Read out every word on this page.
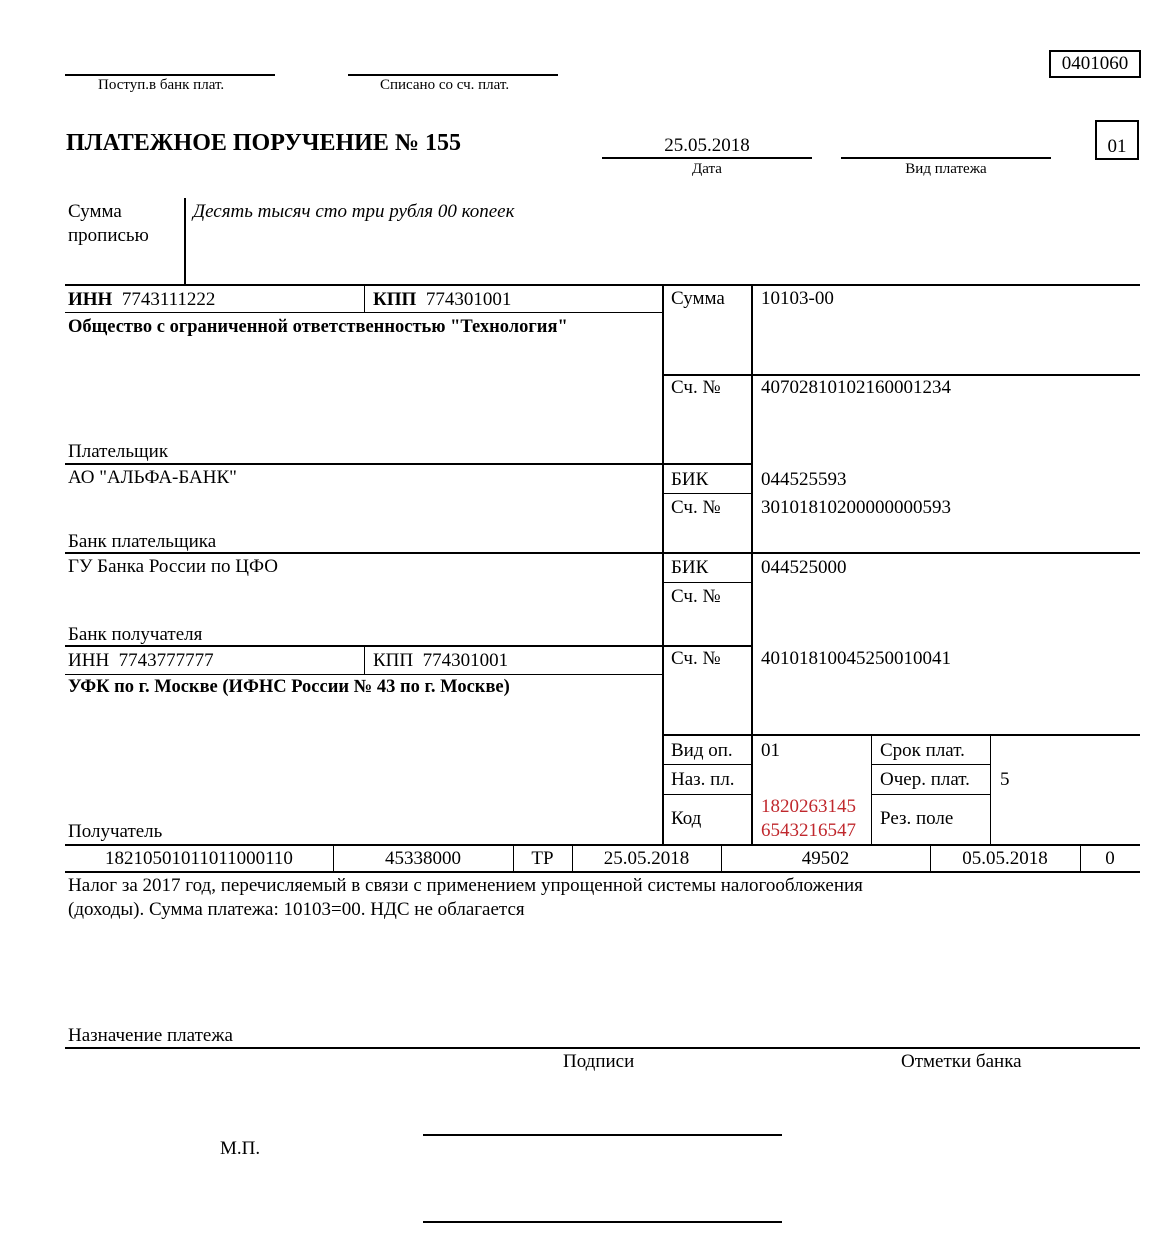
0401060
Поступ.в банк плат.	Списано со сч. плат.
ПЛАТЕЖНОЕ ПОРУЧЕНИЕ № 155	25.05.2018
Дата	Вид платежа
01
Сумма
прописью
Десять тысяч сто три рубля 00 копеек
ИНН 7743111222	КПП 774301001
Общество с ограниченной ответственностью "Технология"
Плательщик
Сумма 10103-00
Сч. № 40702810102160001234
АО "АЛЬФА-БАНК"
Банк плательщика
БИК	044525593
Сч. № 30101810200000000593
ГУ Банка России по ЦФО
Банк получателя
БИК	044525000
Сч. №
ИНН 7743777777	КПП 774301001
УФК по г. Москве (ИФНС России № 43 по г. Москве)
Получатель
Сч. № 40101810045250010041
Вид оп. 01
Наз. пл.
Код
1820263145
6543216547
Срок плат.
Очер. плат. 5
Рез. поле
18210501011011000110	45338000	ТР	25.05.2018	49502	05.05.2018	0
Налог за 2017 год, перечисляемый в связи с применением упрощенной системы налогообложения
(доходы). Сумма платежа: 10103=00. НДС не облагается
Назначение платежа
Подписи	Отметки банка
М.П.
